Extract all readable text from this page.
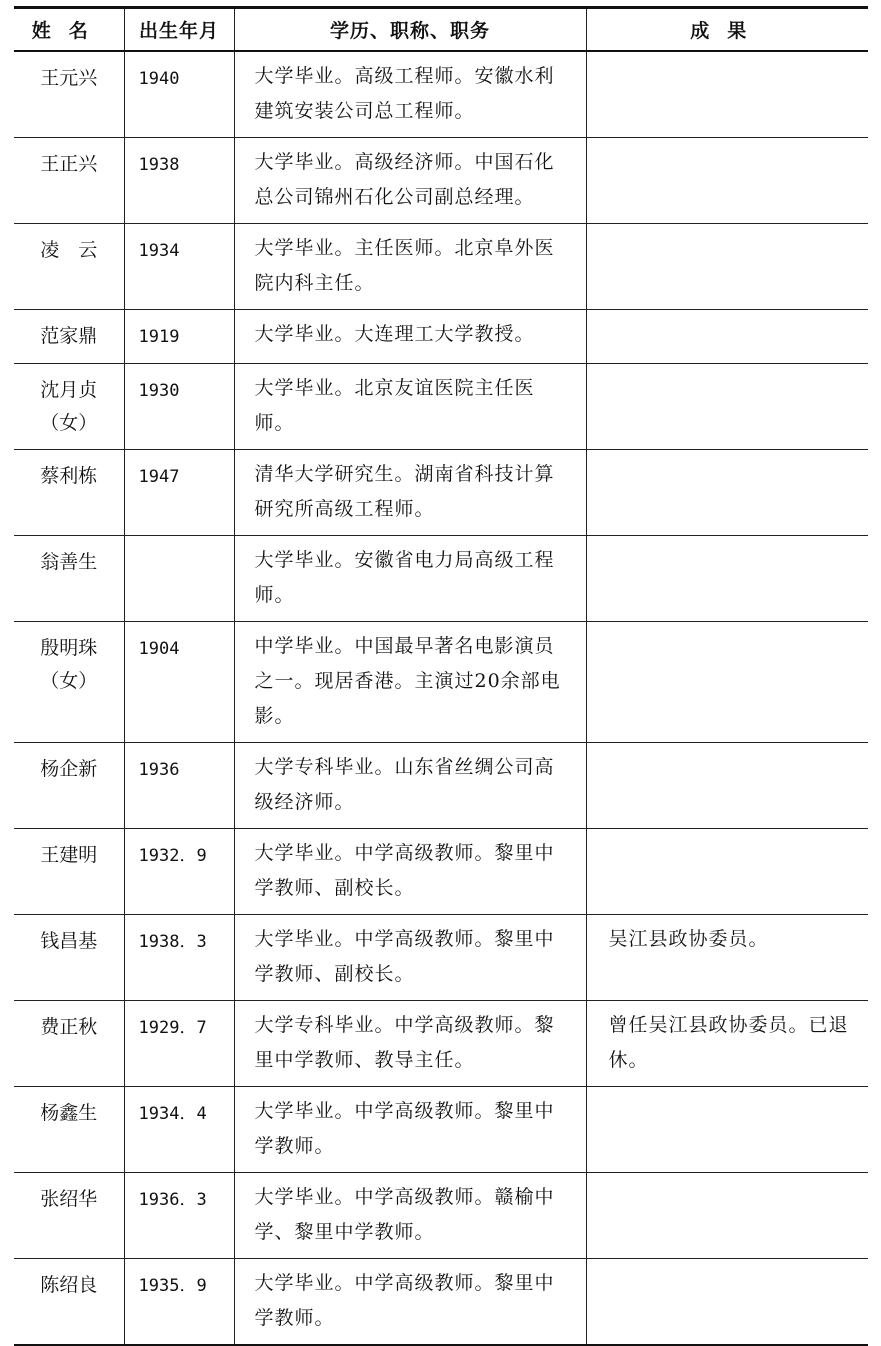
姓名	出生年月	学历、职称、职务	成果

王元兴	1940	大学毕业。高级工程师。安徽水利建筑安装公司总工程师。	

王正兴	1938	大学毕业。高级经济师。中国石化总公司锦州石化公司副总经理。	

凌　云	1934	大学毕业。主任医师。北京阜外医院内科主任。	

范家鼎	1919	大学毕业。大连理工大学教授。	

沈月贞
（女）	1930	大学毕业。北京友谊医院主任医师。	

蔡利栋	1947	清华大学研究生。湖南省科技计算研究所高级工程师。	

翁善生		大学毕业。安徽省电力局高级工程师。	

殷明珠
（女）	1904	中学毕业。中国最早著名电影演员之一。现居香港。主演过20余部电影。	

杨企新	1936	大学专科毕业。山东省丝绸公司高级经济师。	

王建明	1932．9	大学毕业。中学高级教师。黎里中学教师、副校长。	

钱昌基	1938．3	大学毕业。中学高级教师。黎里中学教师、副校长。	吴江县政协委员。

费正秋	1929．7	大学专科毕业。中学高级教师。黎里中学教师、教导主任。	曾任吴江县政协委员。已退休。

杨鑫生	1934．4	大学毕业。中学高级教师。黎里中学教师。	

张绍华	1936．3	大学毕业。中学高级教师。赣榆中学、黎里中学教师。	

陈绍良	1935．9	大学毕业。中学高级教师。黎里中学教师。	
